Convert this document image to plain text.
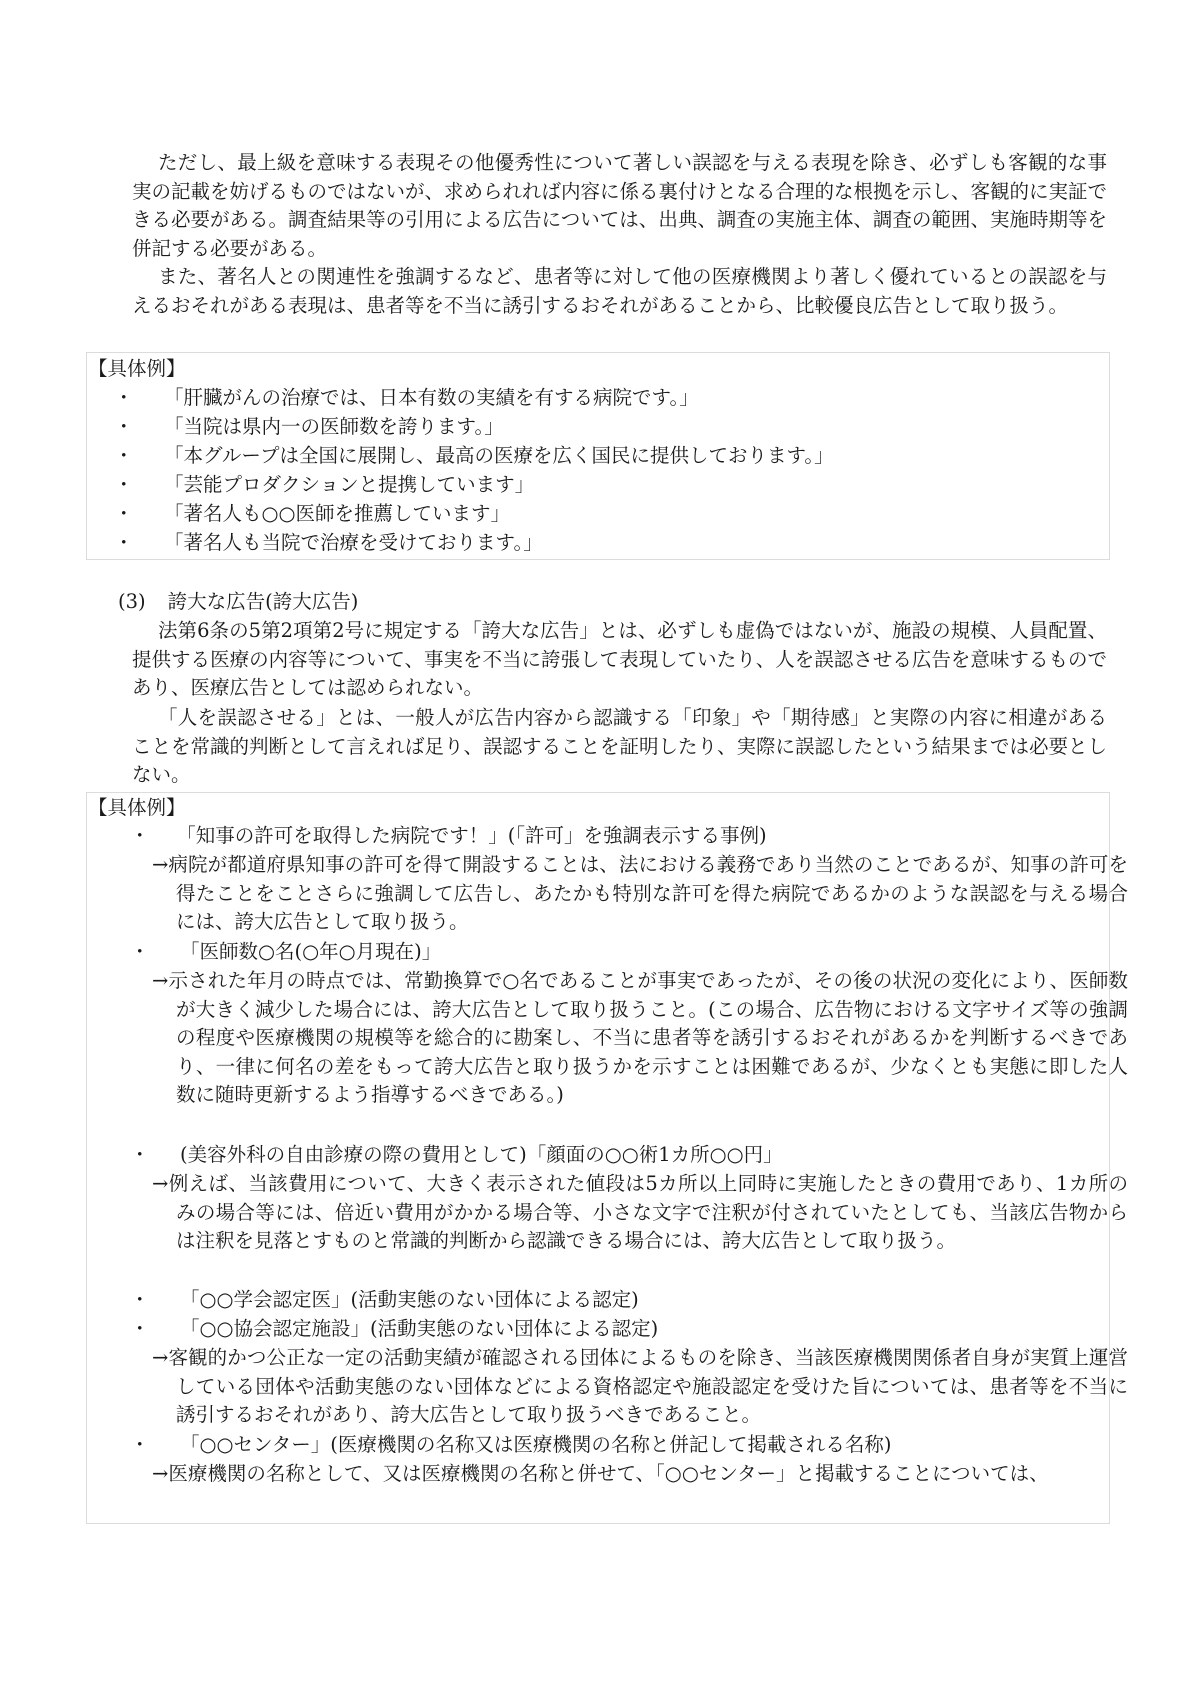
ただし、最上級を意味する表現その他優秀性について著しい誤認を与える表現を除き、必ずしも客観的な事実の記載を妨げるものではないが、求められれば内容に係る裏付けとなる合理的な根拠を示し、客観的に実証できる必要がある。調査結果等の引用による広告については、出典、調査の実施主体、調査の範囲、実施時期等を併記する必要がある。
また、著名人との関連性を強調するなど、患者等に対して他の医療機関より著しく優れているとの誤認を与えるおそれがある表現は、患者等を不当に誘引するおそれがあることから、比較優良広告として取り扱う。
【具体例】
・ 「肝臓がんの治療では、日本有数の実績を有する病院です。」
・ 「当院は県内一の医師数を誇ります。」
・ 「本グループは全国に展開し、最高の医療を広く国民に提供しております。」
・ 「芸能プロダクションと提携しています」
・ 「著名人も○○医師を推薦しています」
・ 「著名人も当院で治療を受けております。」
(3) 誇大な広告(誇大広告)
法第6条の5第2項第2号に規定する「誇大な広告」とは、必ずしも虚偽ではないが、施設の規模、人員配置、提供する医療の内容等について、事実を不当に誇張して表現していたり、人を誤認させる広告を意味するものであり、医療広告としては認められない。
「人を誤認させる」とは、一般人が広告内容から認識する「印象」や「期待感」と実際の内容に相違があることを常識的判断として言えれば足り、誤認することを証明したり、実際に誤認したという結果までは必要としない。
【具体例】
・ 「知事の許可を取得した病院です！」(「許可」を強調表示する事例)
→病院が都道府県知事の許可を得て開設することは、法における義務であり当然のことであるが、知事の許可を得たことをことさらに強調して広告し、あたかも特別な許可を得た病院であるかのような誤認を与える場合には、誇大広告として取り扱う。
・ 「医師数○名(○年○月現在)」
→示された年月の時点では、常勤換算で○名であることが事実であったが、その後の状況の変化により、医師数が大きく減少した場合には、誇大広告として取り扱うこと。(この場合、広告物における文字サイズ等の強調の程度や医療機関の規模等を総合的に勘案し、不当に患者等を誘引するおそれがあるかを判断するべきであり、一律に何名の差をもって誇大広告と取り扱うかを示すことは困難であるが、少なくとも実態に即した人数に随時更新するよう指導するべきである。)
・ (美容外科の自由診療の際の費用として)「顔面の○○術1カ所○○円」
→例えば、当該費用について、大きく表示された値段は5カ所以上同時に実施したときの費用であり、1カ所のみの場合等には、倍近い費用がかかる場合等、小さな文字で注釈が付されていたとしても、当該広告物からは注釈を見落とすものと常識的判断から認識できる場合には、誇大広告として取り扱う。
・ 「○○学会認定医」(活動実態のない団体による認定)
・ 「○○協会認定施設」(活動実態のない団体による認定)
→客観的かつ公正な一定の活動実績が確認される団体によるものを除き、当該医療機関関係者自身が実質上運営している団体や活動実態のない団体などによる資格認定や施設認定を受けた旨については、患者等を不当に誘引するおそれがあり、誇大広告として取り扱うべきであること。
・ 「○○センター」(医療機関の名称又は医療機関の名称と併記して掲載される名称)
→医療機関の名称として、又は医療機関の名称と併せて、「○○センター」と掲載することについては、
